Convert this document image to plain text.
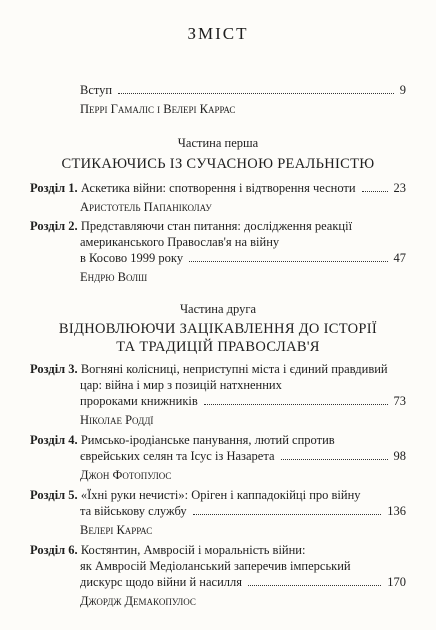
ЗМІСТ
Вступ	9
Перрі Гамаліс і Велері Каррас
Частина перша
СТИКАЮЧИСЬ ІЗ СУЧАСНОЮ РЕАЛЬНІСТЮ
Розділ 1. Аскетика війни: спотворення і відтворення чесноти	23
Аристотель Папаніколау
Розділ 2. Представляючи стан питання: дослідження реакції
американського Православ'я на війну
в Косово 1999 року	47
Ендрю Волш
Частина друга
ВІДНОВЛЮЮЧИ ЗАЦІКАВЛЕННЯ ДО ІСТОРІЇ
ТА ТРАДИЦІЙ ПРАВОСЛАВ'Я
Розділ 3. Вогняні колісниці, неприступні міста і єдиний правдивий
цар: війна і мир з позицій натхненних
пророками книжників	73
Ніколае Роддї
Розділ 4. Римсько-іродіанське панування, лютий спротив
єврейських селян та Ісус із Назарета	98
Джон Фотопулос
Розділ 5. «Їхні руки нечисті»: Оріген і каппадокійці про війну
та військову службу	136
Велері Каррас
Розділ 6. Костянтин, Амвросій і моральність війни:
як Амвросій Медіоланський заперечив імперський
дискурс щодо війни й насилля	170
Джордж Демакопулос
